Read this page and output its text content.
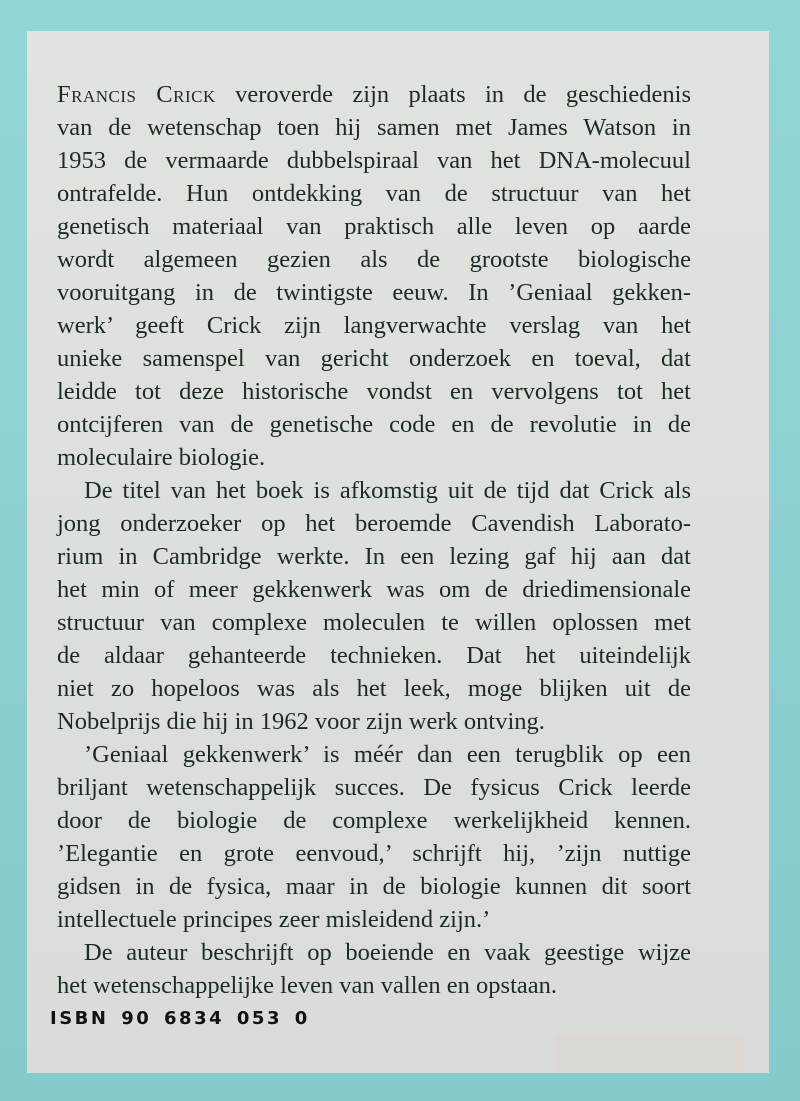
Francis Crick veroverde zijn plaats in de geschiedenis
van de wetenschap toen hij samen met James Watson in
1953 de vermaarde dubbelspiraal van het DNA-molecuul
ontrafelde. Hun ontdekking van de structuur van het
genetisch materiaal van praktisch alle leven op aarde
wordt algemeen gezien als de grootste biologische
vooruitgang in de twintigste eeuw. In ’Geniaal gekken-
werk’ geeft Crick zijn langverwachte verslag van het
unieke samenspel van gericht onderzoek en toeval, dat
leidde tot deze historische vondst en vervolgens tot het
ontcijferen van de genetische code en de revolutie in de
moleculaire biologie.
De titel van het boek is afkomstig uit de tijd dat Crick als
jong onderzoeker op het beroemde Cavendish Laborato-
rium in Cambridge werkte. In een lezing gaf hij aan dat
het min of meer gekkenwerk was om de driedimensionale
structuur van complexe moleculen te willen oplossen met
de aldaar gehanteerde technieken. Dat het uiteindelijk
niet zo hopeloos was als het leek, moge blijken uit de
Nobelprijs die hij in 1962 voor zijn werk ontving.
’Geniaal gekkenwerk’ is méér dan een terugblik op een
briljant wetenschappelijk succes. De fysicus Crick leerde
door de biologie de complexe werkelijkheid kennen.
’Elegantie en grote eenvoud,’ schrijft hij, ’zijn nuttige
gidsen in de fysica, maar in de biologie kunnen dit soort
intellectuele principes zeer misleidend zijn.’
De auteur beschrijft op boeiende en vaak geestige wijze
het wetenschappelijke leven van vallen en opstaan.
ISBN 90 6834 053 0
